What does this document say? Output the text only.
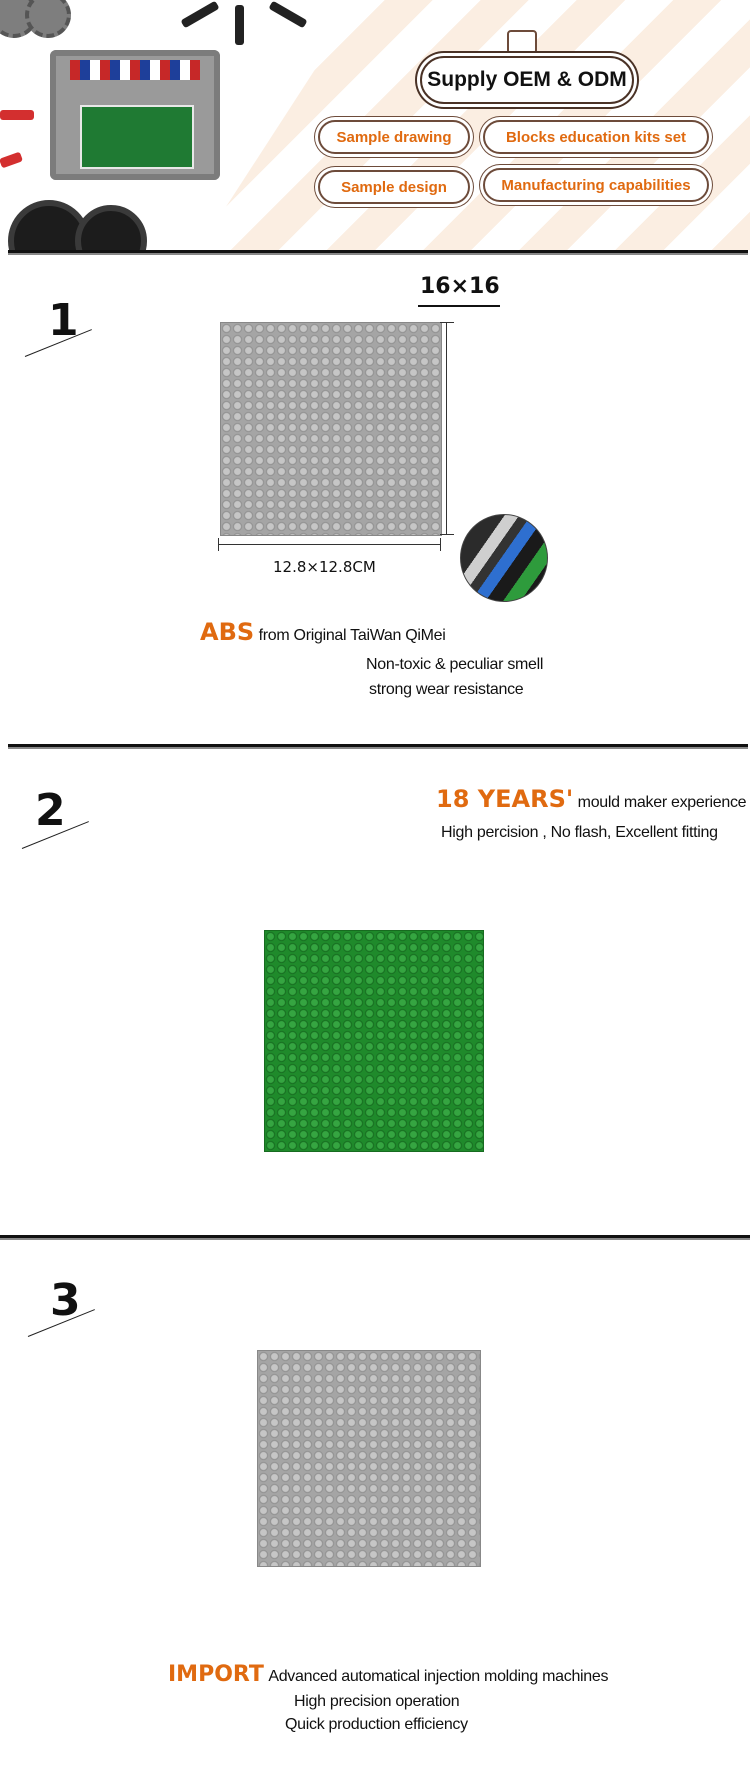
Supply OEM & ODM
Sample drawing	Blocks education kits set
Sample design	Manufacturing capabilities
1
16×16
12.8×12.8CM
ABS from Original TaiWan QiMei
Non-toxic & peculiar smell
strong wear resistance
2	18 YEARS' mould maker experience
High percision , No flash, Excellent fitting
3
IMPORT Advanced automatical injection molding machines
High precision operation
Quick production efficiency
